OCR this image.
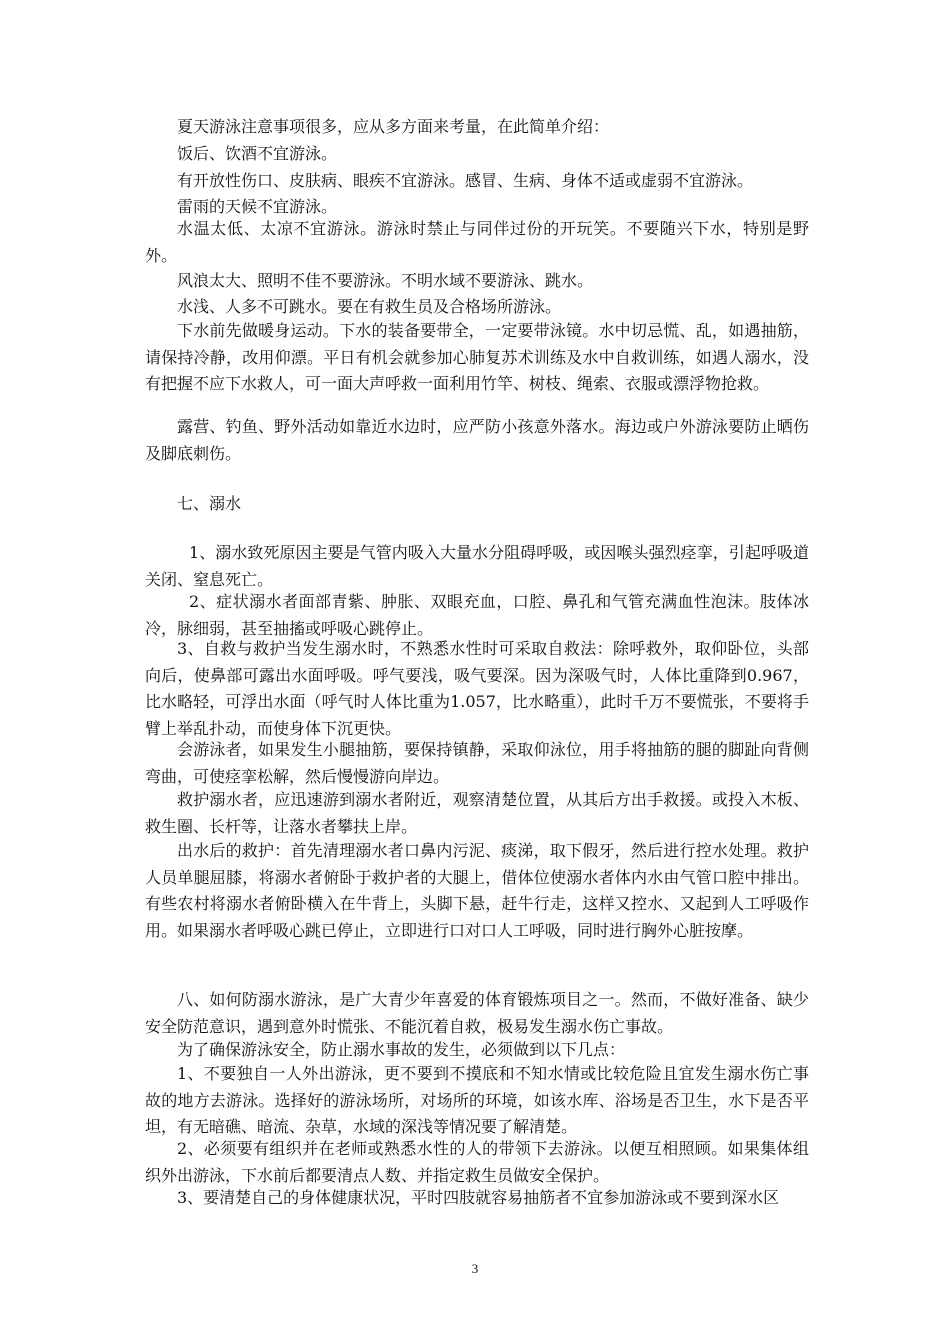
夏天游泳注意事项很多，应从多方面来考量，在此简单介绍：
饭后、饮酒不宜游泳。
有开放性伤口、皮肤病、眼疾不宜游泳。感冒、生病、身体不适或虚弱不宜游泳。
雷雨的天候不宜游泳。
水温太低、太凉不宜游泳。游泳时禁止与同伴过份的开玩笑。不要随兴下水，特别是野外。
风浪太大、照明不佳不要游泳。不明水域不要游泳、跳水。
水浅、人多不可跳水。要在有救生员及合格场所游泳。
下水前先做暖身运动。下水的装备要带全，一定要带泳镜。水中切忌慌、乱，如遇抽筋，请保持冷静，改用仰漂。平日有机会就参加心肺复苏术训练及水中自救训练，如遇人溺水，没有把握不应下水救人，可一面大声呼救一面利用竹竿、树枝、绳索、衣服或漂浮物抢救。
露营、钓鱼、野外活动如靠近水边时，应严防小孩意外落水。海边或户外游泳要防止晒伤及脚底刺伤。
七、溺水
1、溺水致死原因主要是气管内吸入大量水分阻碍呼吸，或因喉头强烈痉挛，引起呼吸道关闭、窒息死亡。
2、症状溺水者面部青紫、肿胀、双眼充血，口腔、鼻孔和气管充满血性泡沫。肢体冰冷，脉细弱，甚至抽搐或呼吸心跳停止。
3、自救与救护当发生溺水时，不熟悉水性时可采取自救法：除呼救外，取仰卧位，头部向后，使鼻部可露出水面呼吸。呼气要浅，吸气要深。因为深吸气时，人体比重降到0.967，比水略轻，可浮出水面（呼气时人体比重为1.057，比水略重），此时千万不要慌张，不要将手臂上举乱扑动，而使身体下沉更快。
会游泳者，如果发生小腿抽筋，要保持镇静，采取仰泳位，用手将抽筋的腿的脚趾向背侧弯曲，可使痉挛松解，然后慢慢游向岸边。
救护溺水者，应迅速游到溺水者附近，观察清楚位置，从其后方出手救援。或投入木板、救生圈、长杆等，让落水者攀扶上岸。
出水后的救护：首先清理溺水者口鼻内污泥、痰涕，取下假牙，然后进行控水处理。救护人员单腿屈膝，将溺水者俯卧于救护者的大腿上，借体位使溺水者体内水由气管口腔中排出。有些农村将溺水者俯卧横入在牛背上，头脚下悬，赶牛行走，这样又控水、又起到人工呼吸作用。如果溺水者呼吸心跳已停止，立即进行口对口人工呼吸，同时进行胸外心脏按摩。
八、如何防溺水游泳，是广大青少年喜爱的体育锻炼项目之一。然而，不做好准备、缺少安全防范意识，遇到意外时慌张、不能沉着自救，极易发生溺水伤亡事故。
为了确保游泳安全，防止溺水事故的发生，必须做到以下几点：
1、不要独自一人外出游泳，更不要到不摸底和不知水情或比较危险且宜发生溺水伤亡事故的地方去游泳。选择好的游泳场所，对场所的环境，如该水库、浴场是否卫生，水下是否平坦，有无暗礁、暗流、杂草，水域的深浅等情况要了解清楚。
2、必须要有组织并在老师或熟悉水性的人的带领下去游泳。以便互相照顾。如果集体组织外出游泳，下水前后都要清点人数、并指定救生员做安全保护。
3、要清楚自己的身体健康状况，平时四肢就容易抽筋者不宜参加游泳或不要到深水区
3
